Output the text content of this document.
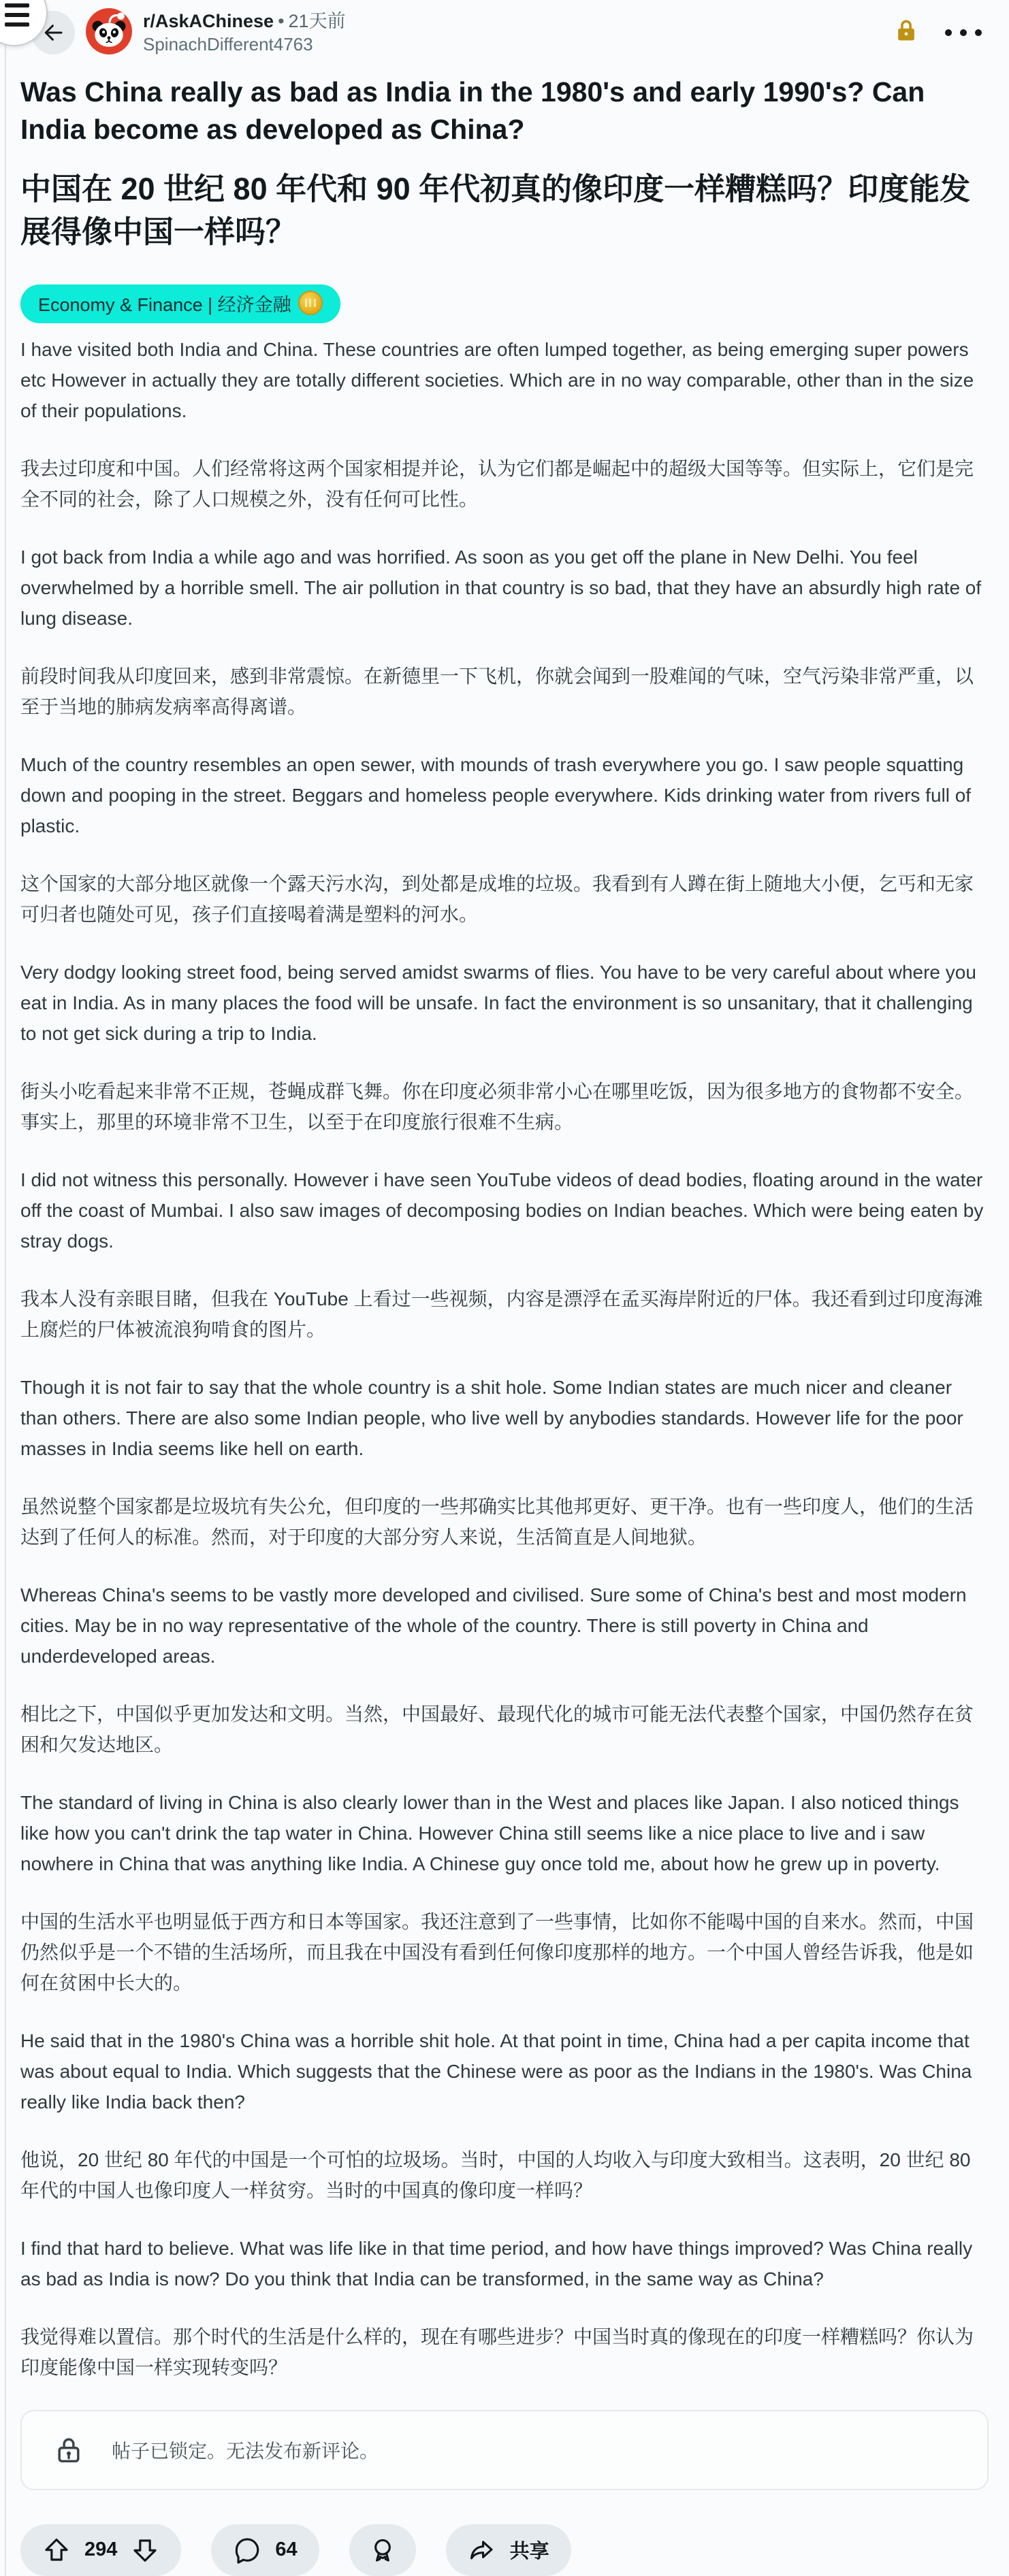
r/AskAChinese • 21天前
SpinachDifferent4763
Was China really as bad as India in the 1980's and early 1990's? Can India become as developed as China?
中国在 20 世纪 80 年代和 90 年代初真的像印度一样糟糕吗？印度能发展得像中国一样吗？
Economy & Finance | 经济金融

I have visited both India and China. These countries are often lumped together, as being emerging super powers etc However in actually they are totally different societies. Which are in no way comparable, other than in the size of their populations.

我去过印度和中国。人们经常将这两个国家相提并论，认为它们都是崛起中的超级大国等等。但实际上，它们是完全不同的社会，除了人口规模之外，没有任何可比性。

I got back from India a while ago and was horrified. As soon as you get off the plane in New Delhi. You feel overwhelmed by a horrible smell. The air pollution in that country is so bad, that they have an absurdly high rate of lung disease.

前段时间我从印度回来，感到非常震惊。在新德里一下飞机，你就会闻到一股难闻的气味，空气污染非常严重，以至于当地的肺病发病率高得离谱。

Much of the country resembles an open sewer, with mounds of trash everywhere you go. I saw people squatting down and pooping in the street. Beggars and homeless people everywhere. Kids drinking water from rivers full of plastic.

这个国家的大部分地区就像一个露天污水沟，到处都是成堆的垃圾。我看到有人蹲在街上随地大小便，乞丐和无家可归者也随处可见，孩子们直接喝着满是塑料的河水。

Very dodgy looking street food, being served amidst swarms of flies. You have to be very careful about where you eat in India. As in many places the food will be unsafe. In fact the environment is so unsanitary, that it challenging to not get sick during a trip to India.

街头小吃看起来非常不正规，苍蝇成群飞舞。你在印度必须非常小心在哪里吃饭，因为很多地方的食物都不安全。事实上，那里的环境非常不卫生，以至于在印度旅行很难不生病。

I did not witness this personally. However i have seen YouTube videos of dead bodies, floating around in the water off the coast of Mumbai. I also saw images of decomposing bodies on Indian beaches. Which were being eaten by stray dogs.

我本人没有亲眼目睹，但我在 YouTube 上看过一些视频，内容是漂浮在孟买海岸附近的尸体。我还看到过印度海滩上腐烂的尸体被流浪狗啃食的图片。

Though it is not fair to say that the whole country is a shit hole. Some Indian states are much nicer and cleaner than others. There are also some Indian people, who live well by anybodies standards. However life for the poor masses in India seems like hell on earth.

虽然说整个国家都是垃圾坑有失公允，但印度的一些邦确实比其他邦更好、更干净。也有一些印度人，他们的生活达到了任何人的标准。然而，对于印度的大部分穷人来说，生活简直是人间地狱。

Whereas China's seems to be vastly more developed and civilised. Sure some of China's best and most modern cities. May be in no way representative of the whole of the country. There is still poverty in China and underdeveloped areas.

相比之下，中国似乎更加发达和文明。当然，中国最好、最现代化的城市可能无法代表整个国家，中国仍然存在贫困和欠发达地区。

The standard of living in China is also clearly lower than in the West and places like Japan. I also noticed things like how you can't drink the tap water in China. However China still seems like a nice place to live and i saw nowhere in China that was anything like India. A Chinese guy once told me, about how he grew up in poverty.

中国的生活水平也明显低于西方和日本等国家。我还注意到了一些事情，比如你不能喝中国的自来水。然而，中国仍然似乎是一个不错的生活场所，而且我在中国没有看到任何像印度那样的地方。一个中国人曾经告诉我，他是如何在贫困中长大的。

He said that in the 1980's China was a horrible shit hole. At that point in time, China had a per capita income that was about equal to India. Which suggests that the Chinese were as poor as the Indians in the 1980's. Was China really like India back then?

他说，20 世纪 80 年代的中国是一个可怕的垃圾场。当时，中国的人均收入与印度大致相当。这表明，20 世纪 80 年代的中国人也像印度人一样贫穷。当时的中国真的像印度一样吗？

I find that hard to believe. What was life like in that time period, and how have things improved? Was China really as bad as India is now? Do you think that India can be transformed, in the same way as China?

我觉得难以置信。那个时代的生活是什么样的，现在有哪些进步？中国当时真的像现在的印度一样糟糕吗？你认为印度能像中国一样实现转变吗？

帖子已锁定。无法发布新评论。
294	64	共享
